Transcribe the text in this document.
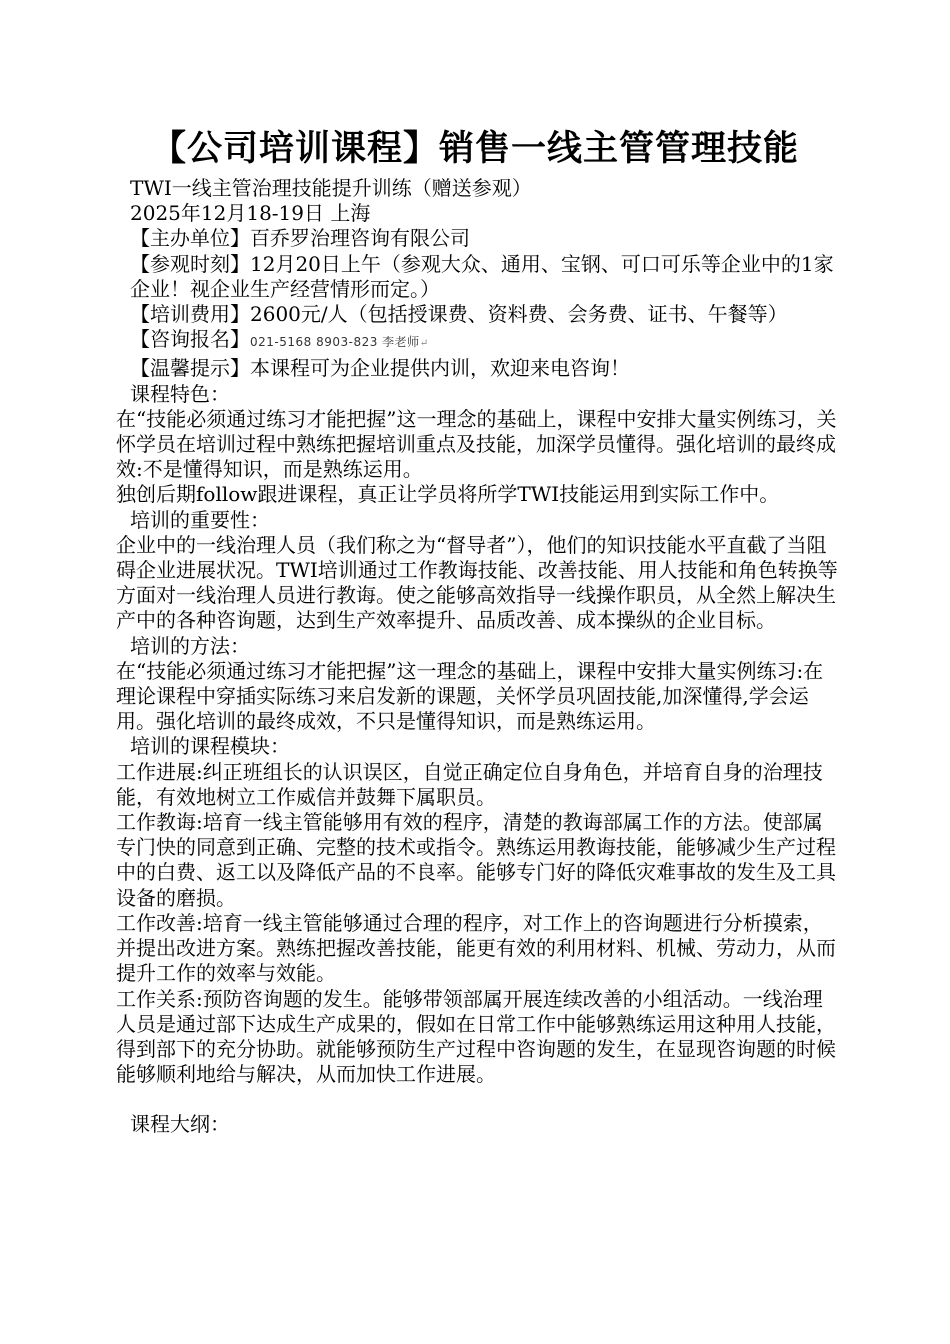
【公司培训课程】销售一线主管管理技能

TWI一线主管治理技能提升训练（赠送参观）

2025年12月18-19日 上海

【主办单位】百乔罗治理咨询有限公司

【参观时刻】12月20日上午（参观大众、通用、宝钢、可口可乐等企业中的1家企业！视企业生产经营情形而定。）

【培训费用】2600元/人（包括授课费、资料费、会务费、证书、午餐等）

【咨询报名】021-5168 8903-823 李老师↵

【温馨提示】本课程可为企业提供内训，欢迎来电咨询！

课程特色：

在“技能必须通过练习才能把握”这一理念的基础上，课程中安排大量实例练习，关怀学员在培训过程中熟练把握培训重点及技能，加深学员懂得。强化培训的最终成效:不是懂得知识，而是熟练运用。

独创后期follow跟进课程，真正让学员将所学TWI技能运用到实际工作中。

培训的重要性：

企业中的一线治理人员（我们称之为“督导者”），他们的知识技能水平直截了当阻碍企业进展状况。TWI培训通过工作教诲技能、改善技能、用人技能和角色转换等方面对一线治理人员进行教诲。使之能够高效指导一线操作职员，从全然上解决生产中的各种咨询题，达到生产效率提升、品质改善、成本操纵的企业目标。

培训的方法：

在“技能必须通过练习才能把握”这一理念的基础上，课程中安排大量实例练习:在理论课程中穿插实际练习来启发新的课题，关怀学员巩固技能,加深懂得,学会运用。强化培训的最终成效，不只是懂得知识，而是熟练运用。

培训的课程模块：

工作进展:纠正班组长的认识误区，自觉正确定位自身角色，并培育自身的治理技能，有效地树立工作威信并鼓舞下属职员。

工作教诲:培育一线主管能够用有效的程序，清楚的教诲部属工作的方法。使部属专门快的同意到正确、完整的技术或指令。熟练运用教诲技能，能够减少生产过程中的白费、返工以及降低产品的不良率。能够专门好的降低灾难事故的发生及工具设备的磨损。

工作改善:培育一线主管能够通过合理的程序，对工作上的咨询题进行分析摸索，并提出改进方案。熟练把握改善技能，能更有效的利用材料、机械、劳动力，从而提升工作的效率与效能。

工作关系:预防咨询题的发生。能够带领部属开展连续改善的小组活动。一线治理人员是通过部下达成生产成果的，假如在日常工作中能够熟练运用这种用人技能，得到部下的充分协助。就能够预防生产过程中咨询题的发生，在显现咨询题的时候能够顺利地给与解决，从而加快工作进展。

课程大纲：
